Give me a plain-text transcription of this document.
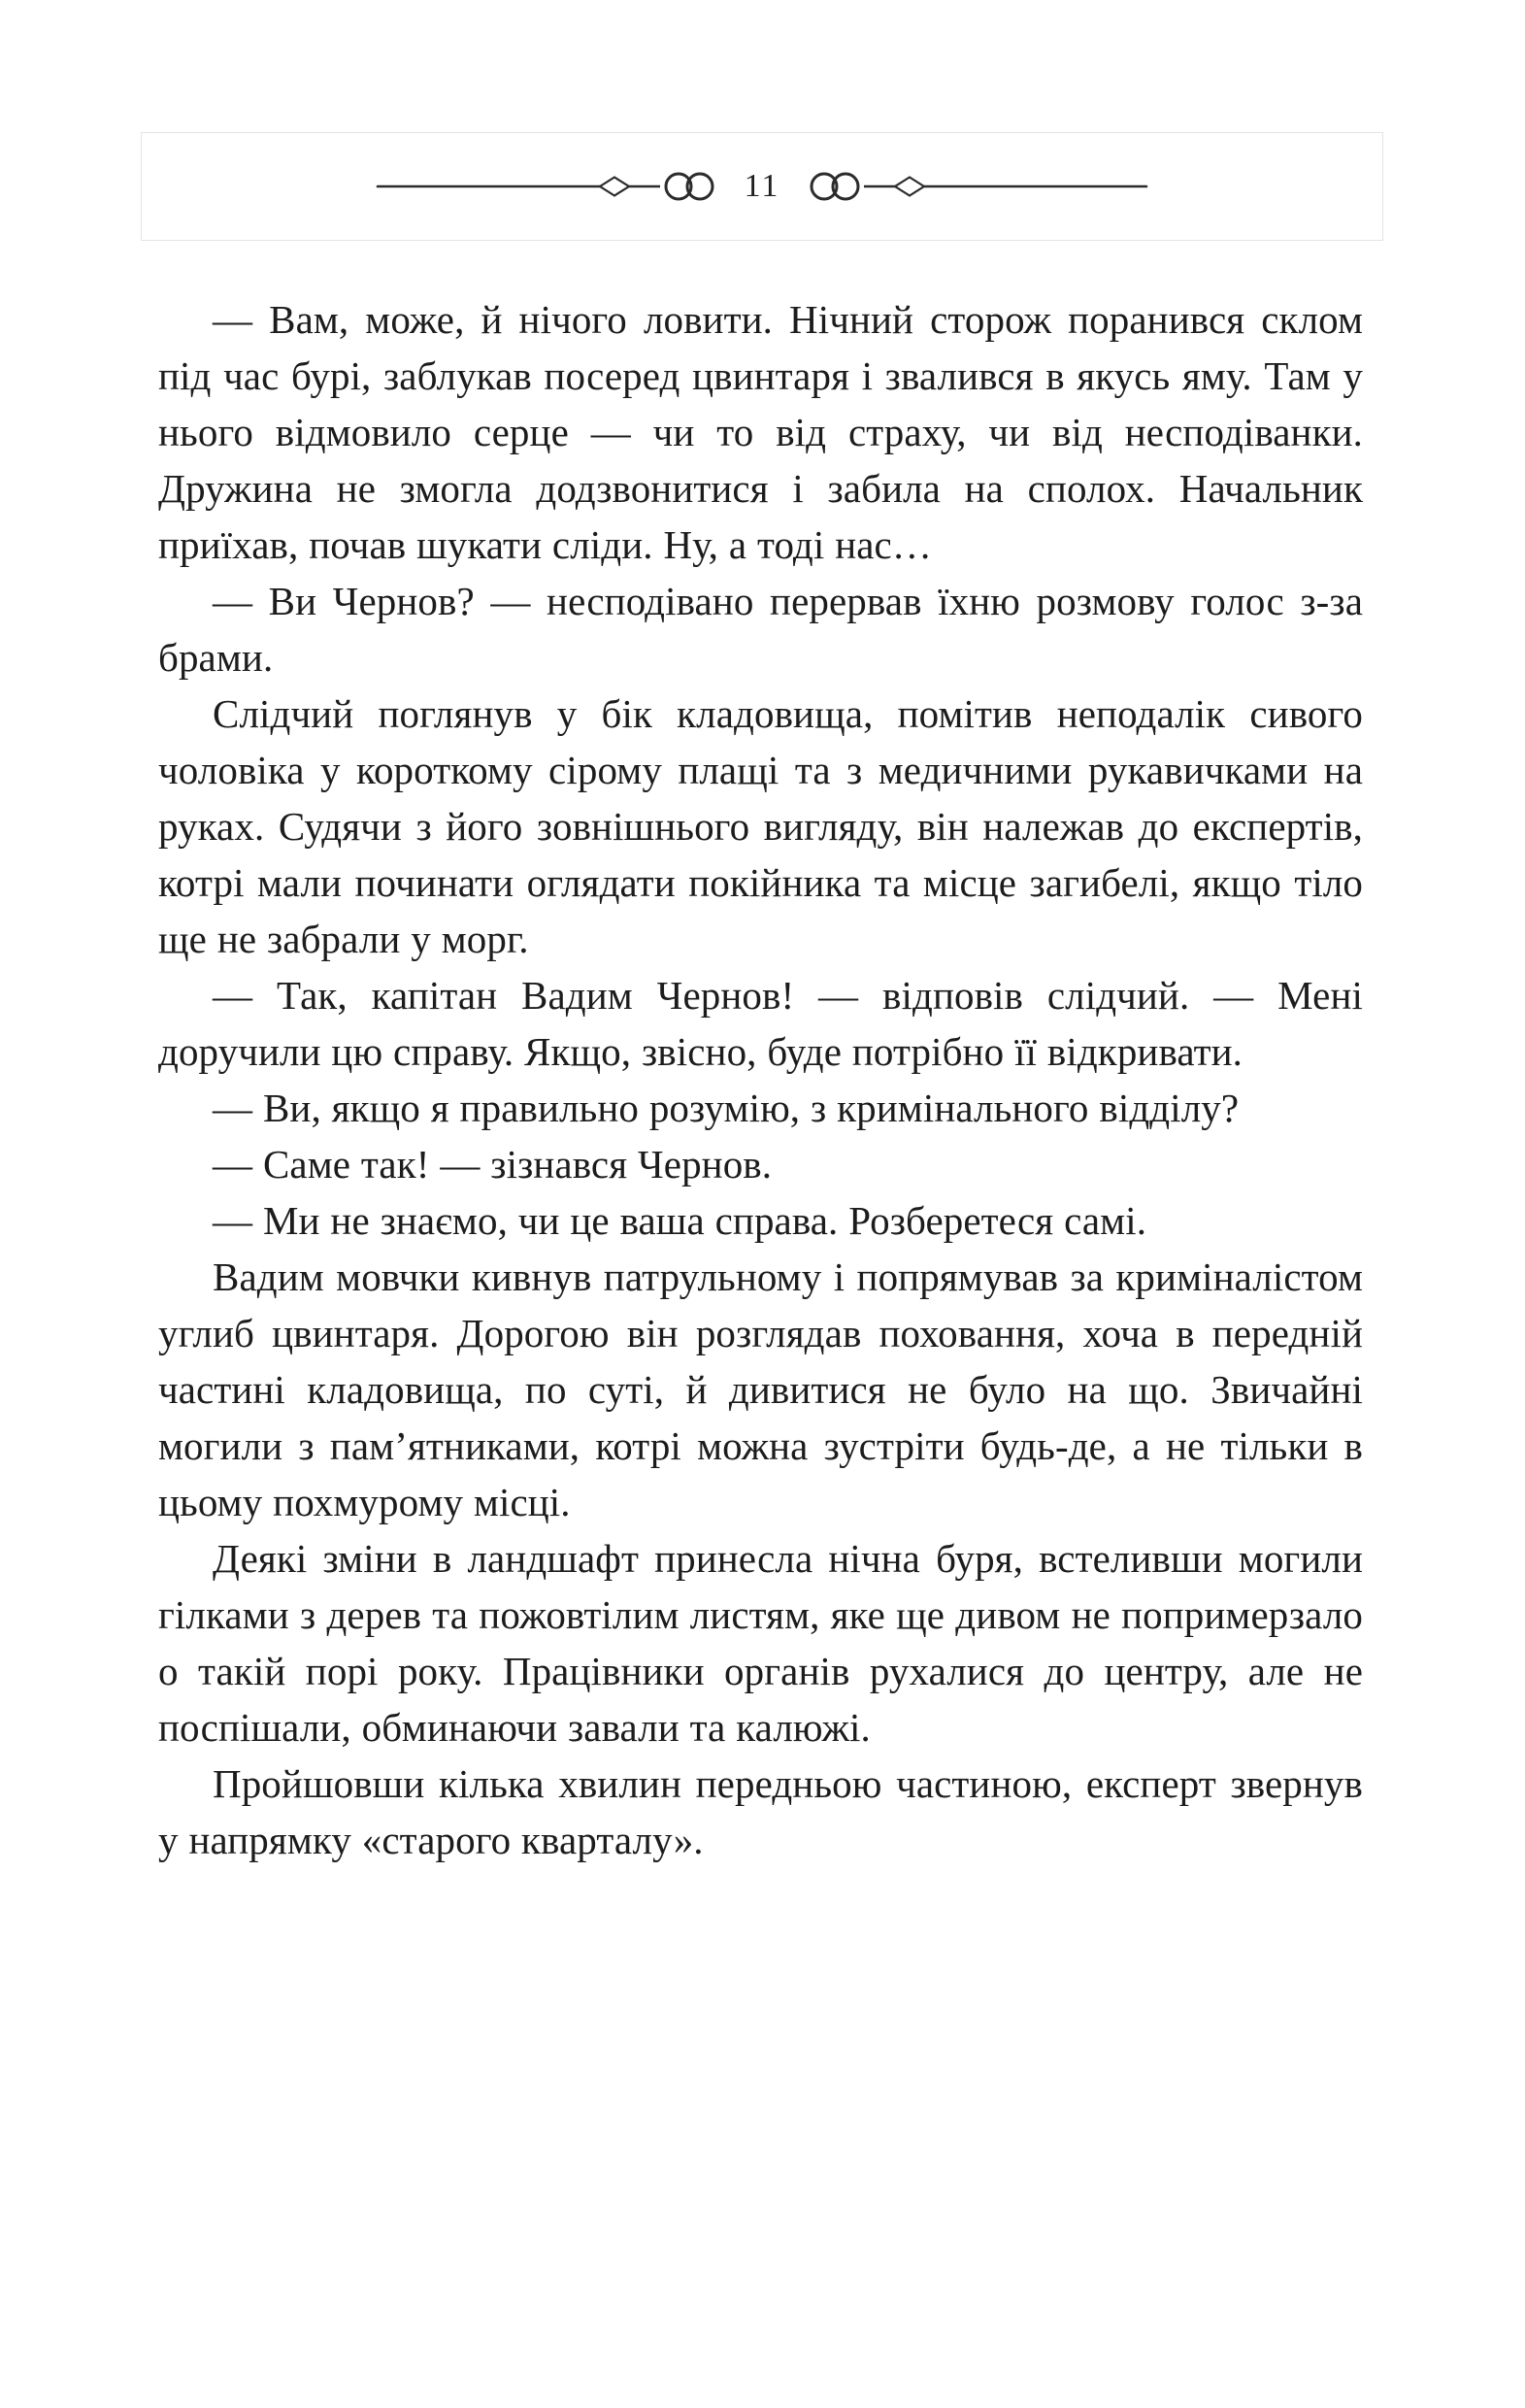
11

— Вам, може, й нічого ловити. Нічний сторож поранився склом під час бурі, заблукав посеред цвинтаря і звалився в якусь яму. Там у нього відмовило серце — чи то від страху, чи від несподіванки. Дружина не змогла додзвонитися і забила на сполох. Начальник приїхав, почав шукати сліди. Ну, а тоді нас…

— Ви Чернов? — несподівано перервав їхню розмову голос з-за брами.

Слідчий поглянув у бік кладовища, помітив неподалік сивого чоловіка у короткому сірому плащі та з медичними рукавичками на руках. Судячи з його зовнішнього вигляду, він належав до експертів, котрі мали починати оглядати покійника та місце загибелі, якщо тіло ще не забрали у морг.

— Так, капітан Вадим Чернов! — відповів слідчий. — Мені доручили цю справу. Якщо, звісно, буде потрібно її відкривати.

— Ви, якщо я правильно розумію, з кримінального відділу?

— Саме так! — зізнався Чернов.

— Ми не знаємо, чи це ваша справа. Розберетеся самі.

Вадим мовчки кивнув патрульному і попрямував за криміналістом углиб цвинтаря. Дорогою він розглядав поховання, хоча в передній частині кладовища, по суті, й дивитися не було на що. Звичайні могили з пам’ятниками, котрі можна зустріти будь-де, а не тільки в цьому похмурому місці.

Деякі зміни в ландшафт принесла нічна буря, встеливши могили гілками з дерев та пожовтілим листям, яке ще дивом не попримерзало о такій порі року. Працівники органів рухалися до центру, але не поспішали, обминаючи завали та калюжі.

Пройшовши кілька хвилин передньою частиною, експерт звернув у напрямку «старого кварталу».
